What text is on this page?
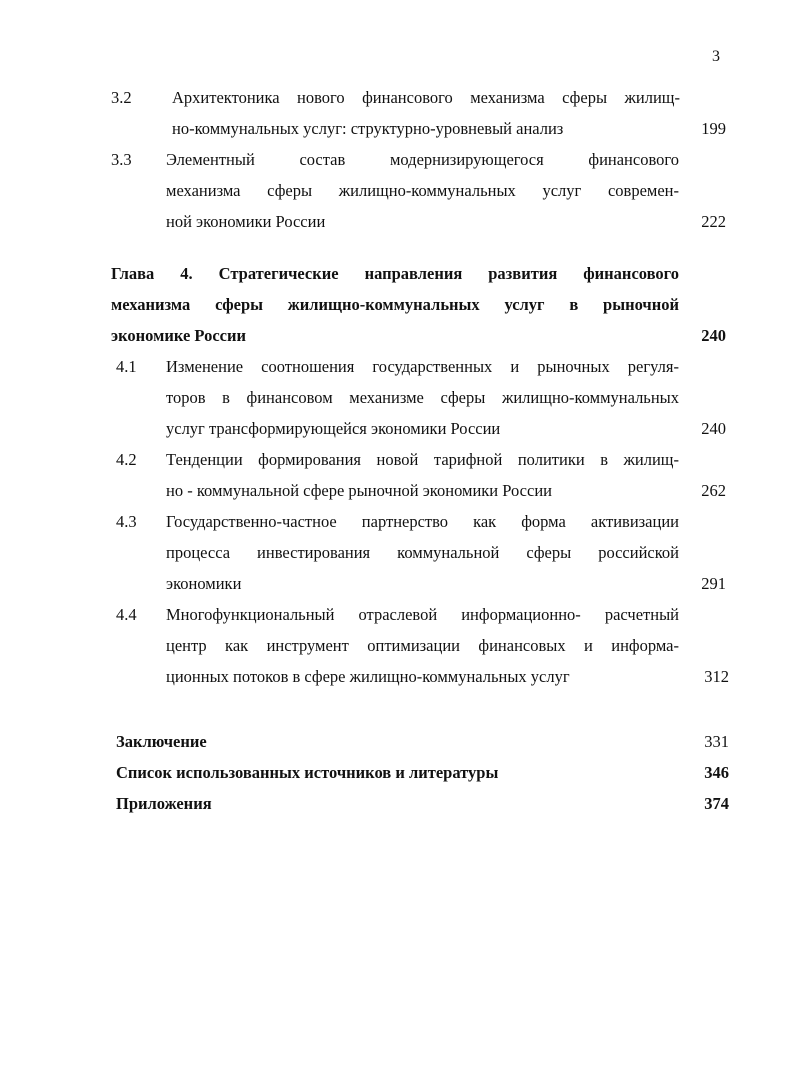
3
3.2 Архитектоника нового финансового механизма сферы жилищ-
но-коммунальных услуг: структурно-уровневый анализ	199
3.3 Элементный состав модернизирующегося финансового
механизма сферы жилищно-коммунальных услуг современ-
ной экономики России	222
Глава 4. Стратегические направления развития финансового
механизма сферы жилищно-коммунальных услуг в рыночной
экономике России	240
4.1 Изменение соотношения государственных и рыночных регуля-
торов в финансовом механизме сферы жилищно-коммунальных
услуг трансформирующейся экономики России	240
4.2 Тенденции формирования новой тарифной политики в жилищ-
но - коммунальной сфере рыночной экономики России	262
4.3 Государственно-частное партнерство как форма активизации
процесса инвестирования коммунальной сферы российской
экономики	291
4.4 Многофункциональный отраслевой информационно- расчетный
центр как инструмент оптимизации финансовых и информа-
ционных потоков в сфере жилищно-коммунальных услуг	312
Заключение	331
Список использованных источников и литературы	346
Приложения	374
